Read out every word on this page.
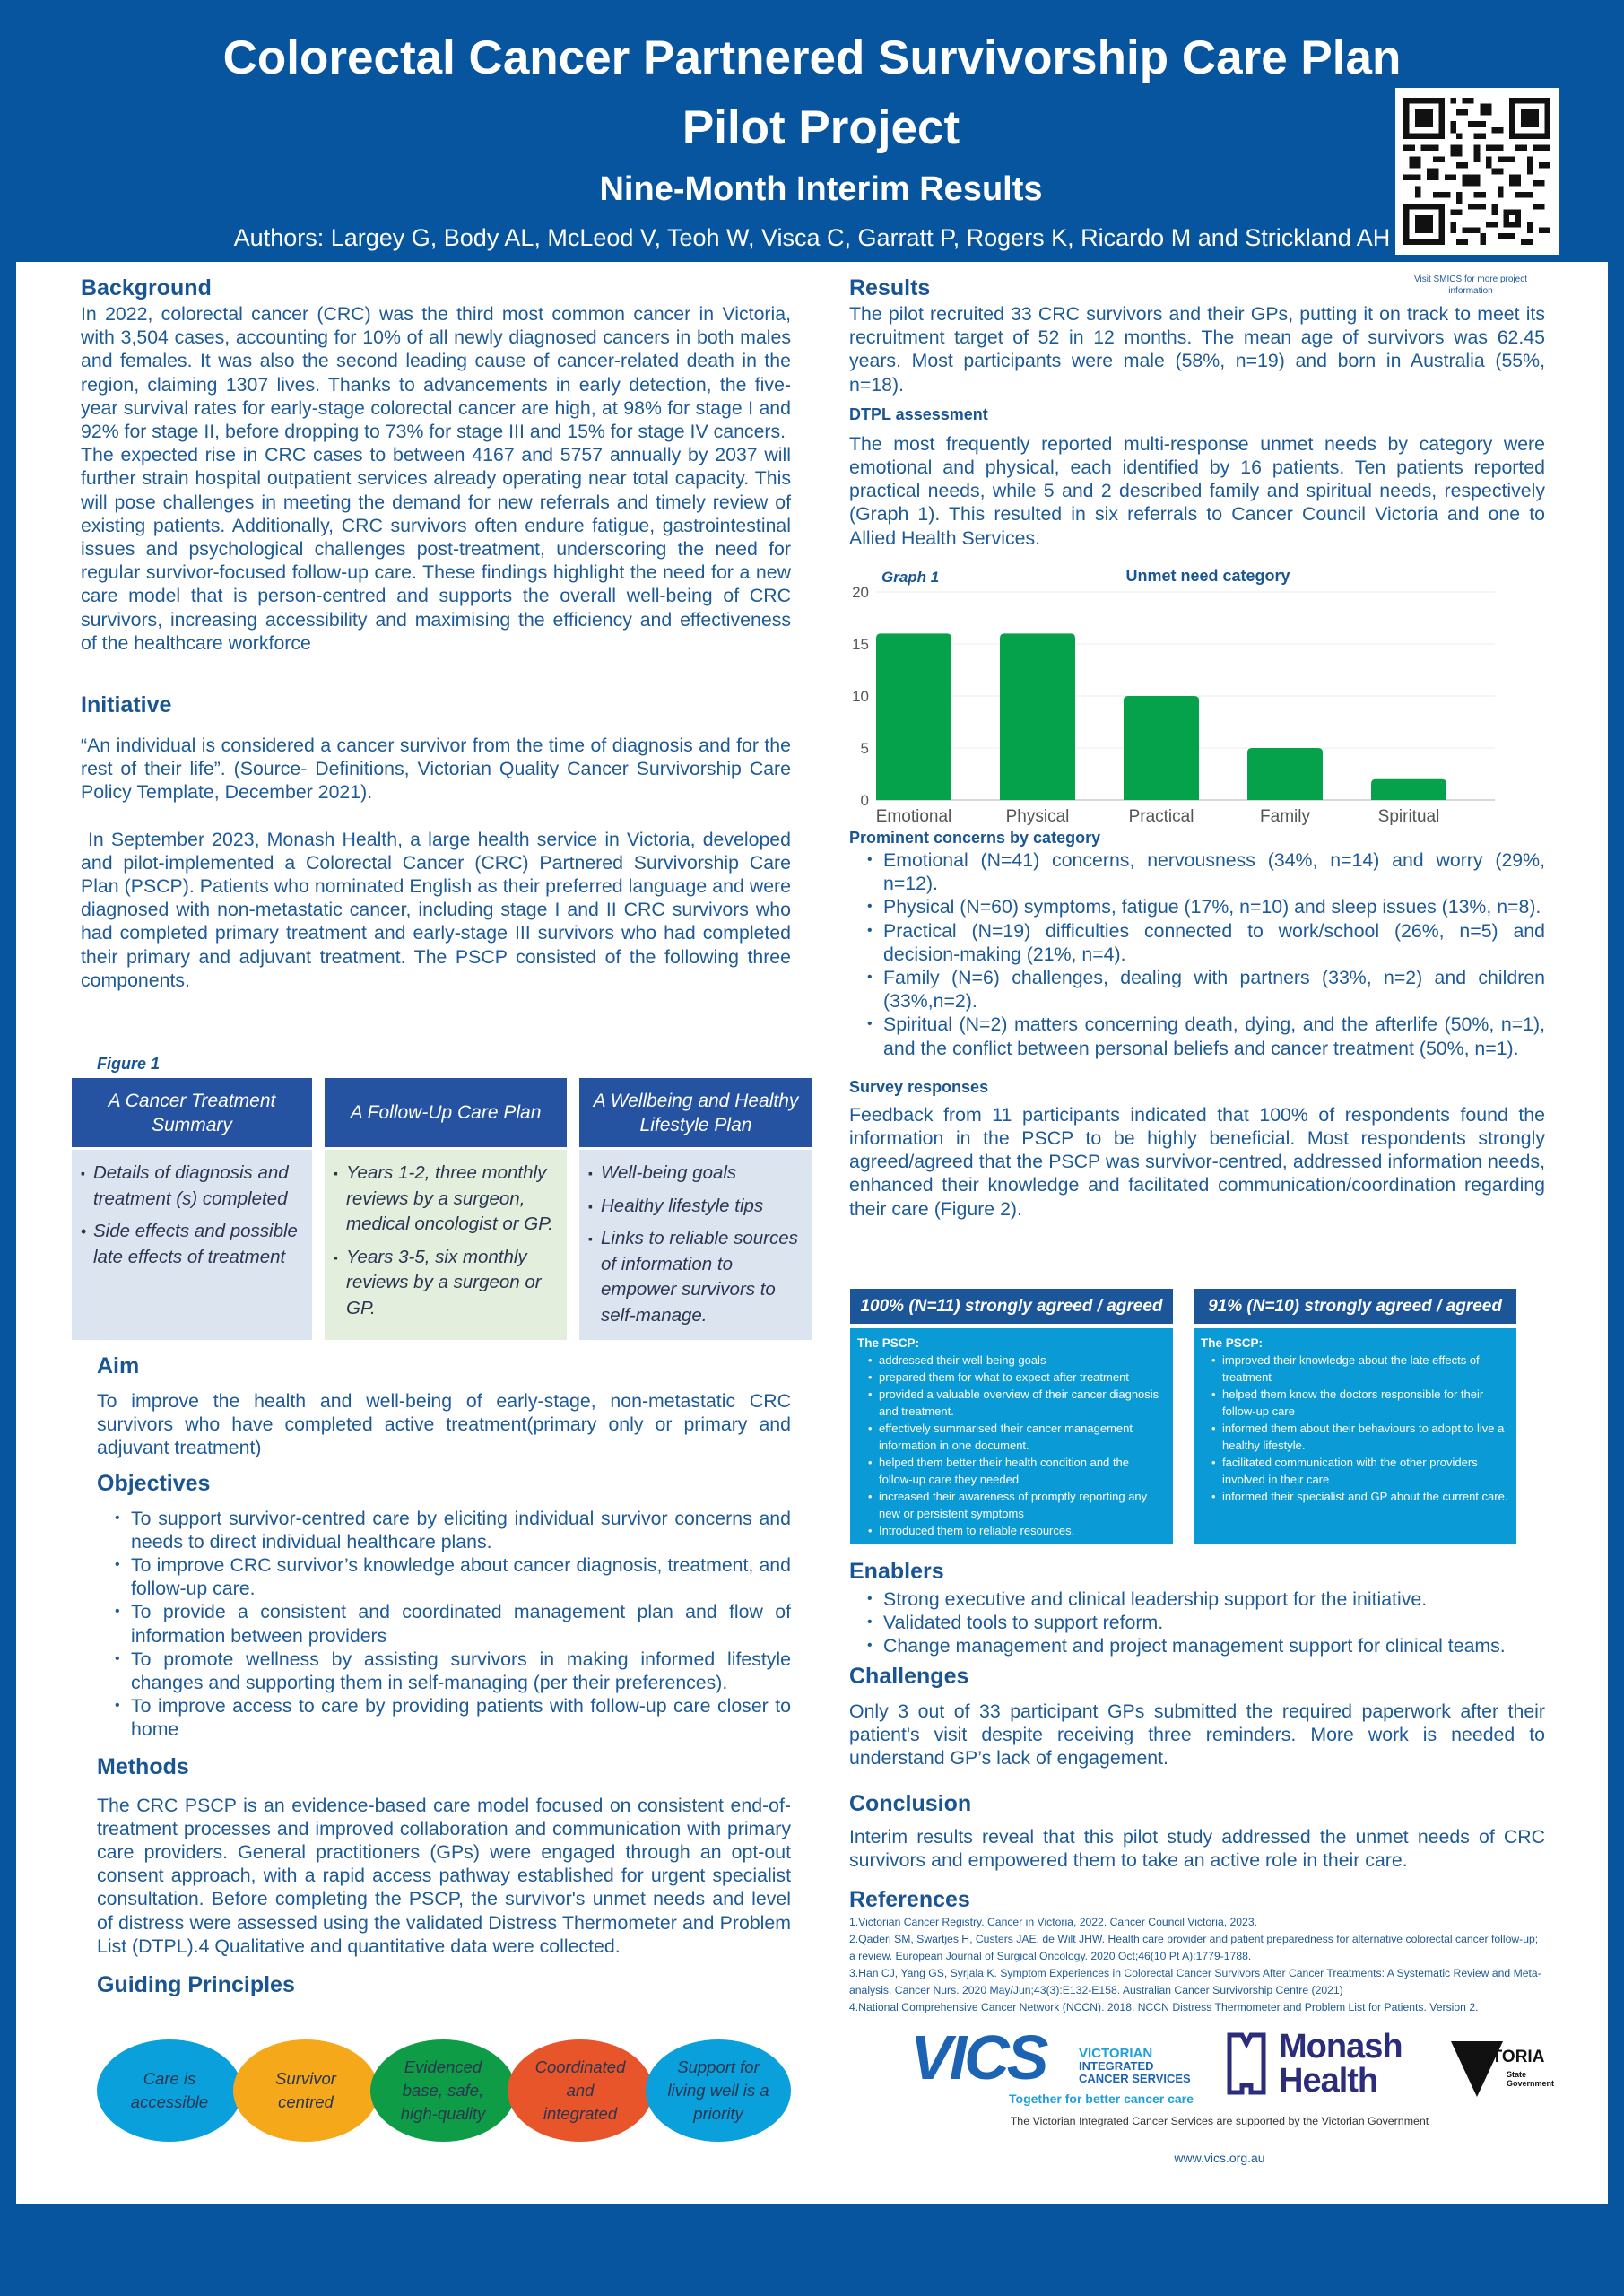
Colorectal Cancer Partnered Survivorship Care Plan
Pilot Project
Nine-Month Interim Results
Authors: Largey G, Body AL, McLeod V, Teoh W, Visca C, Garratt P, Rogers K, Ricardo M and Strickland AH
Visit SMICS for more project information
Background

In 2022, colorectal cancer (CRC) was the third most common cancer in Victoria, with 3,504 cases, accounting for 10% of all newly diagnosed cancers in both males and females. It was also the second leading cause of cancer-related death in the region, claiming 1307 lives. Thanks to advancements in early detection, the five-year survival rates for early-stage colorectal cancer are high, at 98% for stage I and 92% for stage II, before dropping to 73% for stage III and 15% for stage IV cancers.

The expected rise in CRC cases to between 4167 and 5757 annually by 2037 will further strain hospital outpatient services already operating near total capacity. This will pose challenges in meeting the demand for new referrals and timely review of existing patients. Additionally, CRC survivors often endure fatigue, gastrointestinal issues and psychological challenges post-treatment, underscoring the need for regular survivor-focused follow-up care. These findings highlight the need for a new care model that is person-centred and supports the overall well-being of CRC survivors, increasing accessibility and maximising the efficiency and effectiveness of the healthcare workforce

Initiative

“An individual is considered a cancer survivor from the time of diagnosis and for the rest of their life”. (Source- Definitions, Victorian Quality Cancer Survivorship Care Policy Template, December 2021).

In September 2023, Monash Health, a large health service in Victoria, developed and pilot-implemented a Colorectal Cancer (CRC) Partnered Survivorship Care Plan (PSCP). Patients who nominated English as their preferred language and were diagnosed with non-metastatic cancer, including stage I and II CRC survivors who had completed primary treatment and early-stage III survivors who had completed their primary and adjuvant treatment. The PSCP consisted of the following three components.

Figure 1
A Cancer Treatment Summary
▪ Details of diagnosis and treatment (s) completed
• Side effects and possible late effects of treatment
A Follow-Up Care Plan
▪ Years 1-2, three monthly reviews by a surgeon, medical oncologist or GP.
▪ Years 3-5, six monthly reviews by a surgeon or GP.
A Wellbeing and Healthy Lifestyle Plan
▪ Well-being goals
▪ Healthy lifestyle tips
▪ Links to reliable sources of information to empower survivors to self-manage.
Aim

To improve the health and well-being of early-stage, non-metastatic CRC survivors who have completed active treatment(primary only or primary and adjuvant treatment)

Objectives
• To support survivor-centred care by eliciting individual survivor concerns and needs to direct individual healthcare plans.
• To improve CRC survivor’s knowledge about cancer diagnosis, treatment, and follow-up care.
• To provide a consistent and coordinated management plan and flow of information between providers
• To promote wellness by assisting survivors in making informed lifestyle changes and supporting them in self-managing (per their preferences).
• To improve access to care by providing patients with follow-up care closer to home
Methods

The CRC PSCP is an evidence-based care model focused on consistent end-of-treatment processes and improved collaboration and communication with primary care providers. General practitioners (GPs) were engaged through an opt-out consent approach, with a rapid access pathway established for urgent specialist consultation. Before completing the PSCP, the survivor's unmet needs and level of distress were assessed using the validated Distress Thermometer and Problem List (DTPL).4 Qualitative and quantitative data were collected.

Guiding Principles
Care is accessible
Survivor centred
Evidenced base, safe, high-quality
Coordinated and integrated
Support for living well is a priority
Results

The pilot recruited 33 CRC survivors and their GPs, putting it on track to meet its recruitment target of 52 in 12 months. The mean age of survivors was 62.45 years. Most participants were male (58%, n=19) and born in Australia (55%, n=18).

DTPL assessment

The most frequently reported multi-response unmet needs by category were emotional and physical, each identified by 16 patients. Ten patients reported practical needs, while 5 and 2 described family and spiritual needs, respectively (Graph 1). This resulted in six referrals to Cancer Council Victoria and one to Allied Health Services.

Graph 1	Unmet need category
0
5
10
15
20
Emotional	Physical	Practical	Family	Spiritual
Prominent concerns by category
• Emotional (N=41) concerns, nervousness (34%, n=14) and worry (29%, n=12).
• Physical (N=60) symptoms, fatigue (17%, n=10) and sleep issues (13%, n=8).
• Practical (N=19) difficulties connected to work/school (26%, n=5) and decision-making (21%, n=4).
• Family (N=6) challenges, dealing with partners (33%, n=2) and children (33%,n=2).
• Spiritual (N=2) matters concerning death, dying, and the afterlife (50%, n=1), and the conflict between personal beliefs and cancer treatment (50%, n=1).
Survey responses

Feedback from 11 participants indicated that 100% of respondents found the information in the PSCP to be highly beneficial. Most respondents strongly agreed/agreed that the PSCP was survivor-centred, addressed information needs, enhanced their knowledge and facilitated communication/coordination regarding their care (Figure 2).

100% (N=11) strongly agreed / agreed
The PSCP:
• addressed their well-being goals
• prepared them for what to expect after treatment
• provided a valuable overview of their cancer diagnosis and treatment.
• effectively summarised their cancer management information in one document.
• helped them better their health condition and the follow-up care they needed
• increased their awareness of promptly reporting any new or persistent symptoms
• Introduced them to reliable resources.
91% (N=10) strongly agreed / agreed
The PSCP:
• improved their knowledge about the late effects of treatment
• helped them know the doctors responsible for their follow-up care
• informed them about their behaviours to adopt to live a healthy lifestyle.
• facilitated communication with the other providers involved in their care
• informed their specialist and GP about the current care.
Enablers
• Strong executive and clinical leadership support for the initiative.
• Validated tools to support reform.
• Change management and project management support for clinical teams.
Challenges

Only 3 out of 33 participant GPs submitted the required paperwork after their patient's visit despite receiving three reminders. More work is needed to understand GP’s lack of engagement.

Conclusion

Interim results reveal that this pilot study addressed the unmet needs of CRC survivors and empowered them to take an active role in their care.

References
1.Victorian Cancer Registry. Cancer in Victoria, 2022. Cancer Council Victoria, 2023.
2.Qaderi SM, Swartjes H, Custers JAE, de Wilt JHW. Health care provider and patient preparedness for alternative colorectal cancer follow-up; a review. European Journal of Surgical Oncology. 2020 Oct;46(10 Pt A):1779-1788.
3.Han CJ, Yang GS, Syrjala K. Symptom Experiences in Colorectal Cancer Survivors After Cancer Treatments: A Systematic Review and Meta-analysis. Cancer Nurs. 2020 May/Jun;43(3):E132-E158. Australian Cancer Survivorship Centre (2021)
4.National Comprehensive Cancer Network (NCCN). 2018. NCCN Distress Thermometer and Problem List for Patients. Version 2.
VICS VICTORIAN
INTEGRATED
CANCER SERVICES
Together for better cancer care
Monash
Health
VICTORIA
State
Government
The Victorian Integrated Cancer Services are supported by the Victorian Government
www.vics.org.au
